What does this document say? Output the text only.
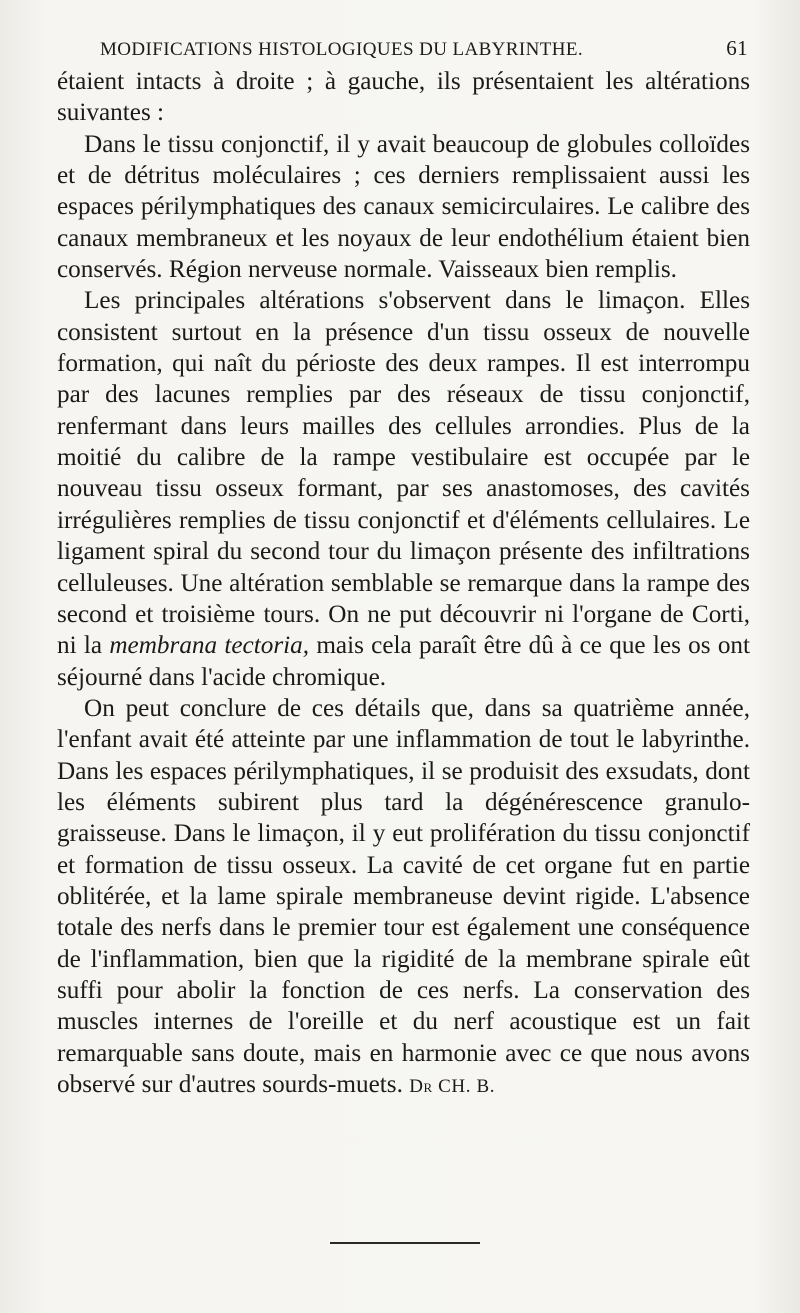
MODIFICATIONS HISTOLOGIQUES DU LABYRINTHE.	61

étaient intacts à droite ; à gauche, ils présentaient les altérations suivantes :

Dans le tissu conjonctif, il y avait beaucoup de globules colloïdes et de détritus moléculaires ; ces derniers remplissaient aussi les espaces périlymphatiques des canaux semicirculaires. Le calibre des canaux membraneux et les noyaux de leur endothélium étaient bien conservés. Région nerveuse normale. Vaisseaux bien remplis.

Les principales altérations s'observent dans le limaçon. Elles consistent surtout en la présence d'un tissu osseux de nouvelle formation, qui naît du périoste des deux rampes. Il est interrompu par des lacunes remplies par des réseaux de tissu conjonctif, renfermant dans leurs mailles des cellules arrondies. Plus de la moitié du calibre de la rampe vestibulaire est occupée par le nouveau tissu osseux formant, par ses anastomoses, des cavités irrégulières remplies de tissu conjonctif et d'éléments cellulaires. Le ligament spiral du second tour du limaçon présente des infiltrations celluleuses. Une altération semblable se remarque dans la rampe des second et troisième tours. On ne put découvrir ni l'organe de Corti, ni la membrana tectoria, mais cela paraît être dû à ce que les os ont séjourné dans l'acide chromique.

On peut conclure de ces détails que, dans sa quatrième année, l'enfant avait été atteinte par une inflammation de tout le labyrinthe. Dans les espaces périlymphatiques, il se produisit des exsudats, dont les éléments subirent plus tard la dégénérescence granulo-graisseuse. Dans le limaçon, il y eut prolifération du tissu conjonctif et formation de tissu osseux. La cavité de cet organe fut en partie oblitérée, et la lame spirale membraneuse devint rigide. L'absence totale des nerfs dans le premier tour est également une conséquence de l'inflammation, bien que la rigidité de la membrane spirale eût suffi pour abolir la fonction de ces nerfs. La conservation des muscles internes de l'oreille et du nerf acoustique est un fait remarquable sans doute, mais en harmonie avec ce que nous avons observé sur d'autres sourds-muets. Dr CH. B.
